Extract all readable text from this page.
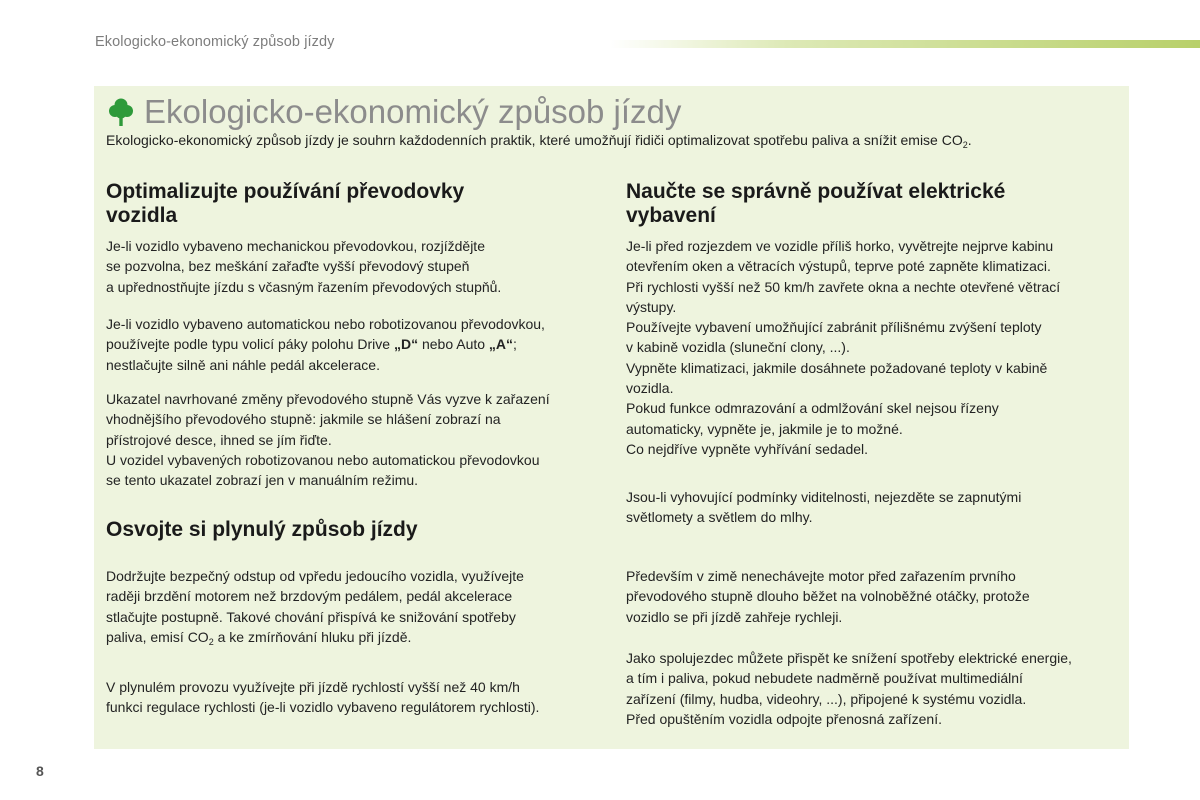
Ekologicko-ekonomický způsob jízdy
Ekologicko-ekonomický způsob jízdy
Ekologicko-ekonomický způsob jízdy je souhrn každodenních praktik, které umožňují řidiči optimalizovat spotřebu paliva a snížit emise $CO_2$.
Optimalizujte používání převodovky
vozidla

Je-li vozidlo vybaveno mechanickou převodovkou, rozjíždějte
se pozvolna, bez meškání zařaďte vyšší převodový stupeň
a upřednostňujte jízdu s včasným řazením převodových stupňů.

Je-li vozidlo vybaveno automatickou nebo robotizovanou převodovkou,
používejte podle typu volicí páky polohu Drive „D“ nebo Auto „A“;
nestlačujte silně ani náhle pedál akcelerace.

Ukazatel navrhované změny převodového stupně Vás vyzve k zařazení
vhodnějšího převodového stupně: jakmile se hlášení zobrazí na
přístrojové desce, ihned se jím řiďte.
U vozidel vybavených robotizovanou nebo automatickou převodovkou
se tento ukazatel zobrazí jen v manuálním režimu.

Osvojte si plynulý způsob jízdy

Dodržujte bezpečný odstup od vpředu jedoucího vozidla, využívejte
raději brzdění motorem než brzdovým pedálem, pedál akcelerace
stlačujte postupně. Takové chování přispívá ke snižování spotřeby
paliva, emisí $CO_2$ a ke zmírňování hluku při jízdě.

V plynulém provozu využívejte při jízdě rychlostí vyšší než 40 km/h
funkci regulace rychlosti (je-li vozidlo vybaveno regulátorem rychlosti).

Naučte se správně používat elektrické
vybavení

Je-li před rozjezdem ve vozidle příliš horko, vyvětrejte nejprve kabinu
otevřením oken a větracích výstupů, teprve poté zapněte klimatizaci.
Při rychlosti vyšší než 50 km/h zavřete okna a nechte otevřené větrací
výstupy.
Používejte vybavení umožňující zabránit přílišnému zvýšení teploty
v kabině vozidla (sluneční clony, ...).
Vypněte klimatizaci, jakmile dosáhnete požadované teploty v kabině
vozidla.
Pokud funkce odmrazování a odmlžování skel nejsou řízeny
automaticky, vypněte je, jakmile je to možné.
Co nejdříve vypněte vyhřívání sedadel.

Jsou-li vyhovující podmínky viditelnosti, nejezděte se zapnutými
světlomety a světlem do mlhy.

Především v zimě nenechávejte motor před zařazením prvního
převodového stupně dlouho běžet na volnoběžné otáčky, protože
vozidlo se při jízdě zahřeje rychleji.

Jako spolujezdec můžete přispět ke snížení spotřeby elektrické energie,
a tím i paliva, pokud nebudete nadměrně používat multimediální
zařízení (filmy, hudba, videohry, ...), připojené k systému vozidla.
Před opuštěním vozidla odpojte přenosná zařízení.

8
